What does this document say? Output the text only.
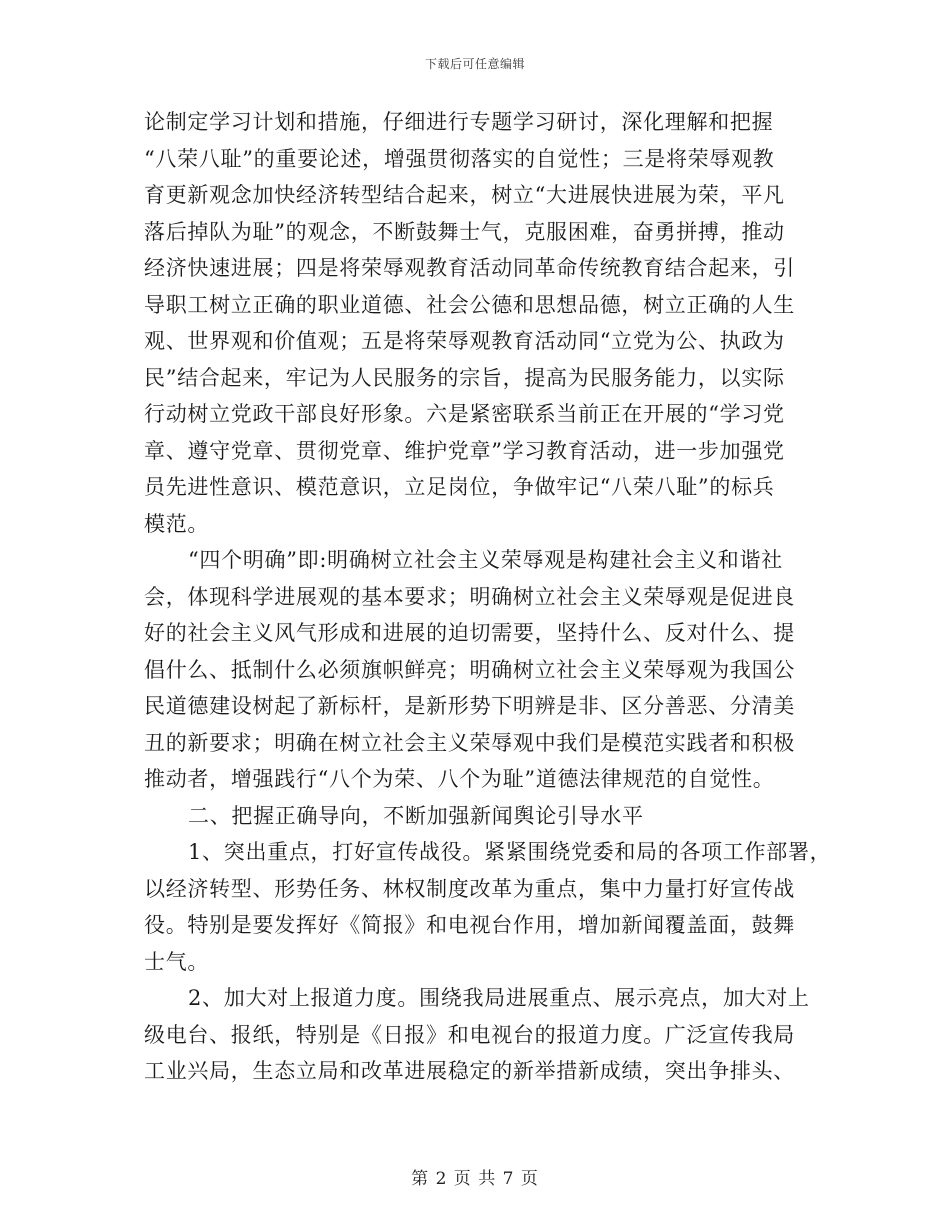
下载后可任意编辑
论制定学习计划和措施，仔细进行专题学习研讨，深化理解和把握
“八荣八耻”的重要论述，增强贯彻落实的自觉性；三是将荣辱观教
育更新观念加快经济转型结合起来，树立“大进展快进展为荣，平凡
落后掉队为耻”的观念，不断鼓舞士气，克服困难，奋勇拼搏，推动
经济快速进展；四是将荣辱观教育活动同革命传统教育结合起来，引
导职工树立正确的职业道德、社会公德和思想品德，树立正确的人生
观、世界观和价值观；五是将荣辱观教育活动同“立党为公、执政为
民”结合起来，牢记为人民服务的宗旨，提高为民服务能力，以实际
行动树立党政干部良好形象。六是紧密联系当前正在开展的“学习党
章、遵守党章、贯彻党章、维护党章”学习教育活动，进一步加强党
员先进性意识、模范意识，立足岗位，争做牢记“八荣八耻”的标兵
模范。
“四个明确”即:明确树立社会主义荣辱观是构建社会主义和谐社
会，体现科学进展观的基本要求；明确树立社会主义荣辱观是促进良
好的社会主义风气形成和进展的迫切需要，坚持什么、反对什么、提
倡什么、抵制什么必须旗帜鲜亮；明确树立社会主义荣辱观为我国公
民道德建设树起了新标杆，是新形势下明辨是非、区分善恶、分清美
丑的新要求；明确在树立社会主义荣辱观中我们是模范实践者和积极
推动者，增强践行“八个为荣、八个为耻”道德法律规范的自觉性。
二、把握正确导向，不断加强新闻舆论引导水平
1、突出重点，打好宣传战役。紧紧围绕党委和局的各项工作部署，
以经济转型、形势任务、林权制度改革为重点，集中力量打好宣传战
役。特别是要发挥好《简报》和电视台作用，增加新闻覆盖面，鼓舞
士气。
2、加大对上报道力度。围绕我局进展重点、展示亮点，加大对上
级电台、报纸，特别是《日报》和电视台的报道力度。广泛宣传我局
工业兴局，生态立局和改革进展稳定的新举措新成绩，突出争排头、
第 2 页 共 7 页
